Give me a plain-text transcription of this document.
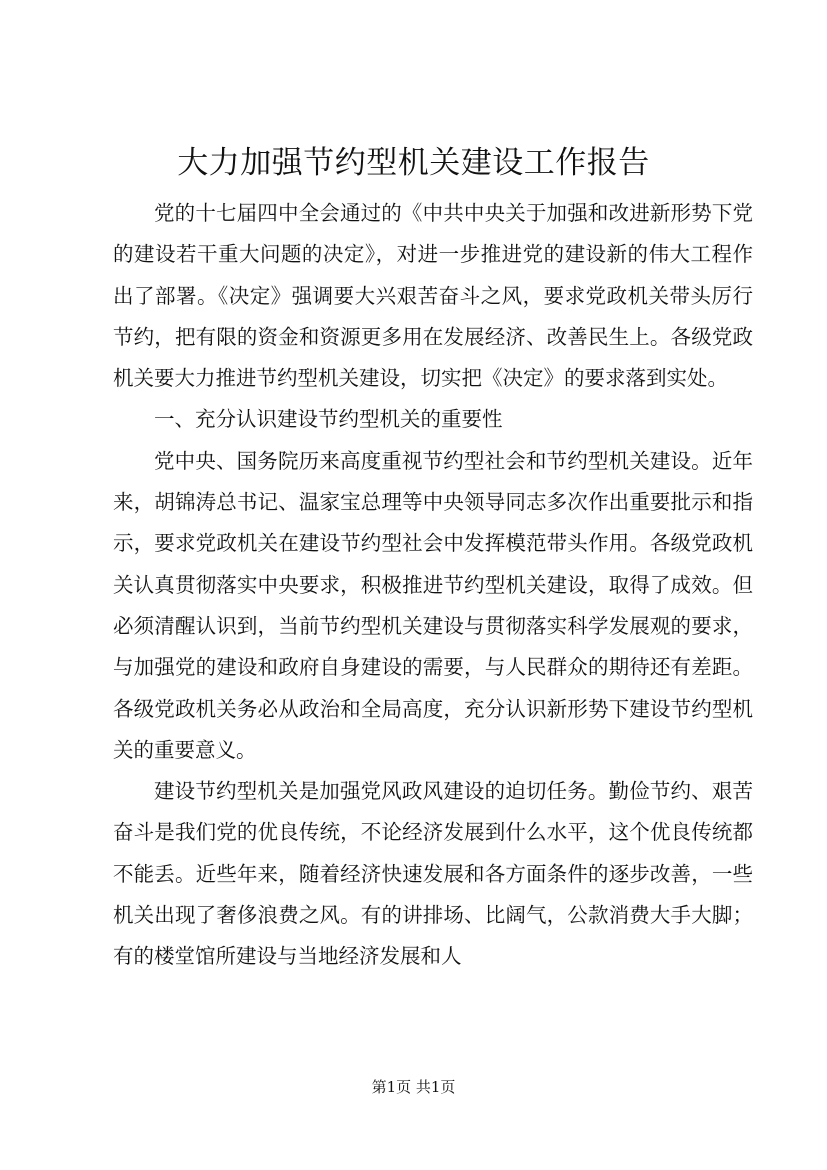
大力加强节约型机关建设工作报告

党的十七届四中全会通过的《中共中央关于加强和改进新形势下党的建设若干重大问题的决定》，对进一步推进党的建设新的伟大工程作出了部署。《决定》强调要大兴艰苦奋斗之风，要求党政机关带头厉行节约，把有限的资金和资源更多用在发展经济、改善民生上。各级党政机关要大力推进节约型机关建设，切实把《决定》的要求落到实处。

一、充分认识建设节约型机关的重要性

党中央、国务院历来高度重视节约型社会和节约型机关建设。近年来，胡锦涛总书记、温家宝总理等中央领导同志多次作出重要批示和指示，要求党政机关在建设节约型社会中发挥模范带头作用。各级党政机关认真贯彻落实中央要求，积极推进节约型机关建设，取得了成效。但必须清醒认识到，当前节约型机关建设与贯彻落实科学发展观的要求，与加强党的建设和政府自身建设的需要，与人民群众的期待还有差距。各级党政机关务必从政治和全局高度，充分认识新形势下建设节约型机关的重要意义。

建设节约型机关是加强党风政风建设的迫切任务。勤俭节约、艰苦奋斗是我们党的优良传统，不论经济发展到什么水平，这个优良传统都不能丢。近些年来，随着经济快速发展和各方面条件的逐步改善，一些机关出现了奢侈浪费之风。有的讲排场、比阔气，公款消费大手大脚；有的楼堂馆所建设与当地经济发展和人

第1页 共1页
